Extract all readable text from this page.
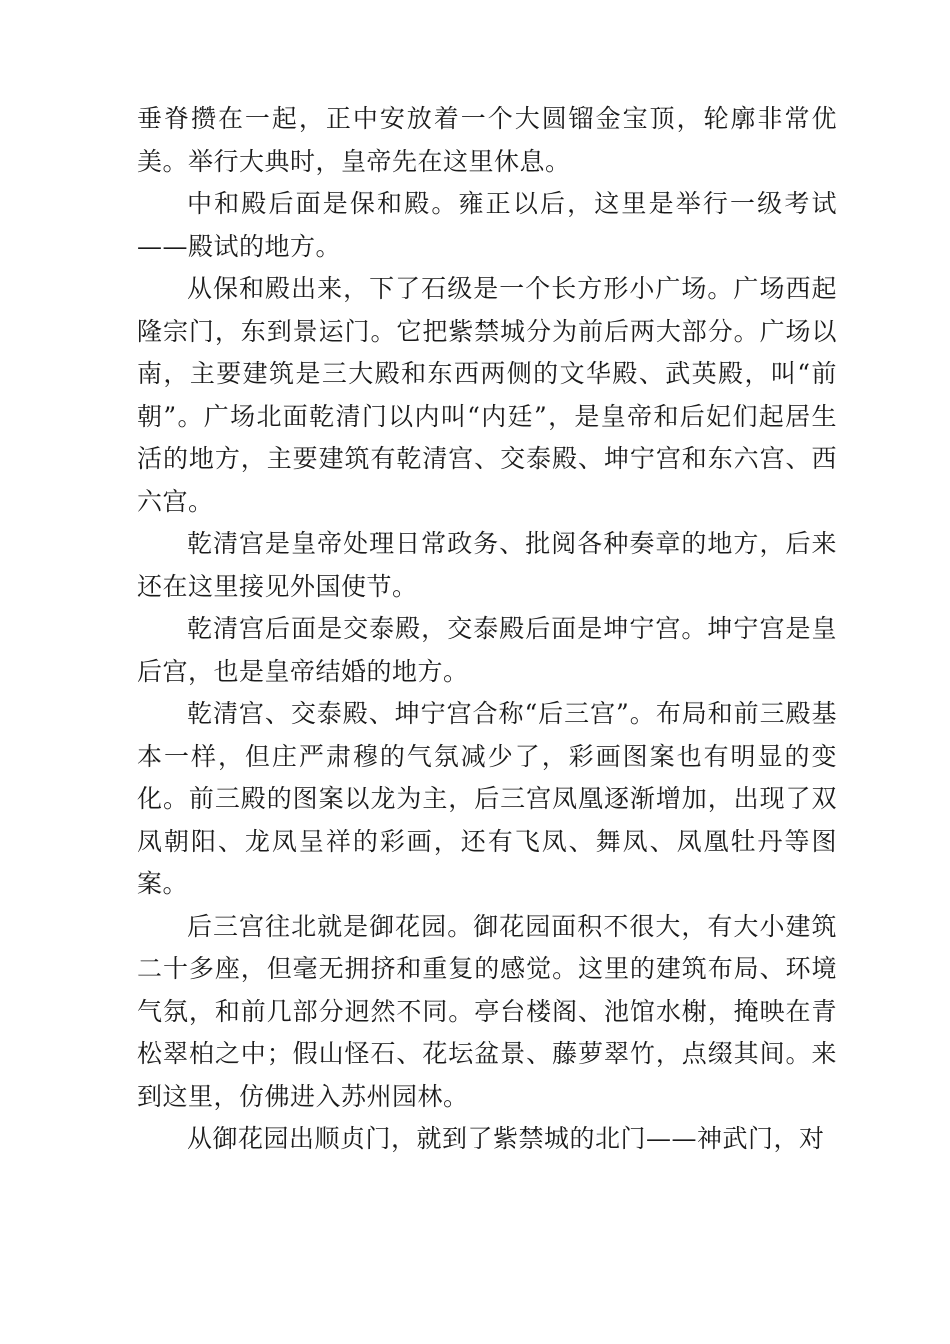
垂脊攒在一起，正中安放着一个大圆镏金宝顶，轮廓非常优美。举行大典时，皇帝先在这里休息。

中和殿后面是保和殿。雍正以后，这里是举行一级考试——殿试的地方。

从保和殿出来，下了石级是一个长方形小广场。广场西起隆宗门，东到景运门。它把紫禁城分为前后两大部分。广场以南，主要建筑是三大殿和东西两侧的文华殿、武英殿，叫“前朝”。广场北面乾清门以内叫“内廷”，是皇帝和后妃们起居生活的地方，主要建筑有乾清宫、交泰殿、坤宁宫和东六宫、西六宫。

乾清宫是皇帝处理日常政务、批阅各种奏章的地方，后来还在这里接见外国使节。

乾清宫后面是交泰殿，交泰殿后面是坤宁宫。坤宁宫是皇后宫，也是皇帝结婚的地方。

乾清宫、交泰殿、坤宁宫合称“后三宫”。布局和前三殿基本一样，但庄严肃穆的气氛减少了，彩画图案也有明显的变化。前三殿的图案以龙为主，后三宫凤凰逐渐增加，出现了双凤朝阳、龙凤呈祥的彩画，还有飞凤、舞凤、凤凰牡丹等图案。

后三宫往北就是御花园。御花园面积不很大，有大小建筑二十多座，但毫无拥挤和重复的感觉。这里的建筑布局、环境气氛，和前几部分迥然不同。亭台楼阁、池馆水榭，掩映在青松翠柏之中；假山怪石、花坛盆景、藤萝翠竹，点缀其间。来到这里，仿佛进入苏州园林。

从御花园出顺贞门，就到了紫禁城的北门——神武门，对
